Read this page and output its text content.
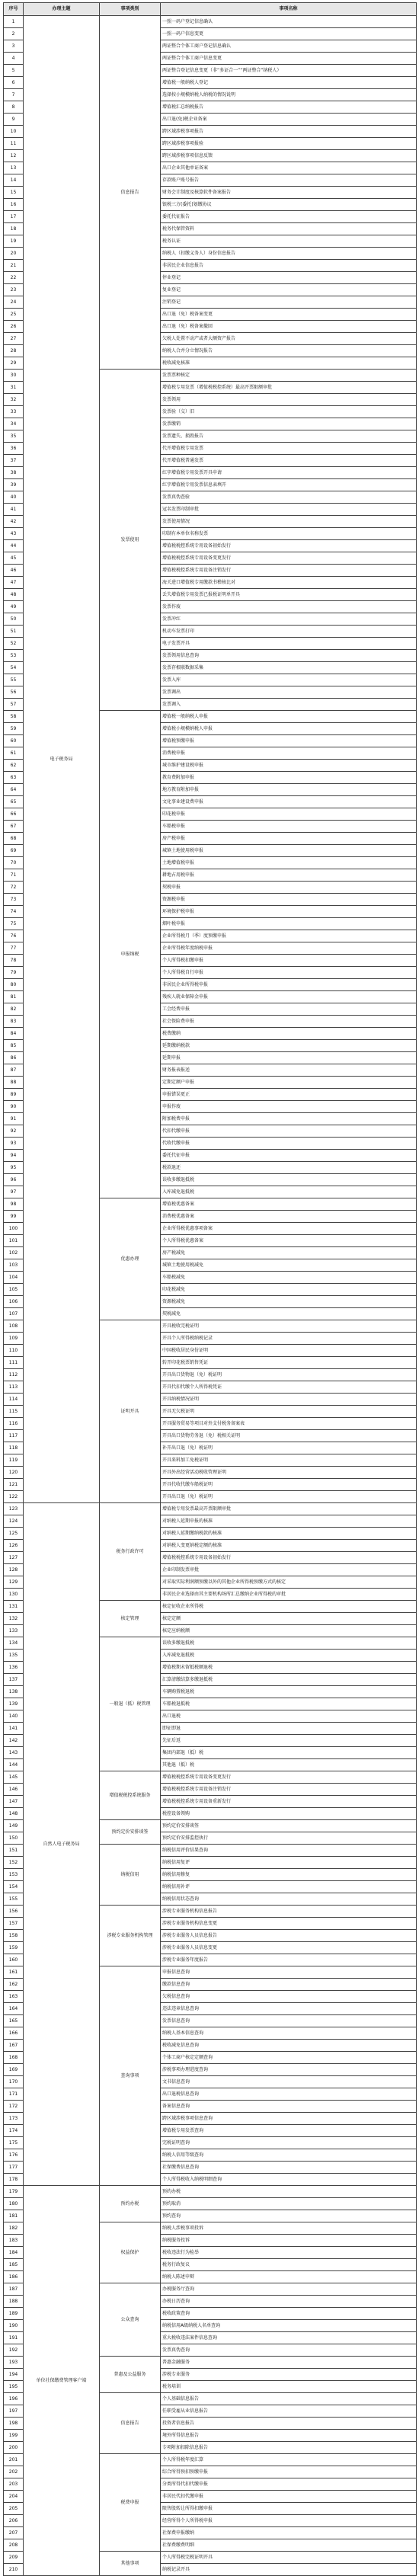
序号	办理主题	事项类别	事项名称
1	电子税务局	信息报告	一照一码户登记信息确认
2			一照一码户信息变更
3			两证整合个体工商户登记信息确认
4			两证整合个体工商户信息变更
5			两证整合登记信息变更（非“多证合一”“两证整合”纳税人）
6			增值税一般纳税人登记
7			选择按小规模纳税人纳税的情况说明
8			增值税汇总纳税报告
9			出口退(免)税企业备案
10			跨区域涉税事项报告
11			跨区域涉税事项报验
12			跨区域涉税事项信息反馈
13			出口企业其他单证备案
14			存款账户账号报告
15			财务会计制度及核算软件备案报告
16			银税三方(委托)划缴协议
17			委托代征报告
18			税务代保管资料
19			税务认证
20			纳税人（扣缴义务人）身份信息报告
21			非居民企业信息报告
22			停业登记
23			复业登记
24			注销登记
25			出口退（免）税备案变更
26			出口退（免）税备案撤回
27			欠税人处置不动产或者大额资产报告
28			纳税人合并分立情况报告
29			税收减免核准
30		发票使用	发票票种核定
31			增值税专用发票（增值税税控系统）最高开票限额审批
32			发票领用
33			发票验（交）旧
34			发票缴销
35			发票遗失、损毁报告
36			代开增值税专用发票
37			代开增值税普通发票
38			红字增值税专用发票开具申请
39			红字增值税专用发票信息表填开
40			发票真伪查验
41			冠名发票印制审批
42			发票使用情况
43			印制有本单位名称发票
44			增值税税控系统专用设备初始发行
45			增值税税控系统专用设备变更发行
46			增值税税控系统专用设备注销发行
47			海关进口增值税专用缴款书稽核比对
48			丢失增值税专用发票已报税证明单开具
49			发票作废
50			发票冲红
51			机动车发票打印
52			电子发票开具
53			发票领用信息查询
54			发票存根联数据采集
55			发票入库
56			发票调出
57			发票调入
58		申报纳税	增值税一般纳税人申报
59			增值税小规模纳税人申报
60			增值税预缴申报
61			消费税申报
62			城市维护建设税申报
63			教育费附加申报
64			地方教育附加申报
65			文化事业建设费申报
66			印花税申报
67			车船税申报
68			房产税申报
69			城镇土地使用税申报
70			土地增值税申报
71			耕地占用税申报
72			契税申报
73			资源税申报
74			环境保护税申报
75			烟叶税申报
76			企业所得税月（季）度预缴申报
77			企业所得税年度纳税申报
78			个人所得税扣缴申报
79			个人所得税自行申报
80			非居民企业所得税申报
81			残疾人就业保障金申报
82			工会经费申报
83			社会保险费申报
84			税费缴纳
85			延期缴纳税款
86			延期申报
87			财务报表报送
88			定期定额户申报
89			申报错误更正
90			申报作废
91			附加税费申报
92			代扣代缴申报
93			代收代缴申报
94			委托代征申报
95			税款退还
96			误收多缴退抵税
97			入库减免退抵税
98		优惠办理	增值税优惠备案
99			消费税优惠备案
100			企业所得税优惠事项备案
101			个人所得税优惠备案
102			房产税减免
103			城镇土地使用税减免
104			车船税减免
105			印花税减免
106			资源税减免
107			契税减免
108		证明开具	开具税收完税证明
109			开具个人所得税纳税记录
110			中国税收居民身份证明
111			转开印花税票销售凭证
112			开具出口货物退（免）税证明
113			开具代扣代缴个人所得税凭证
114			开具纳税情况证明
115			开具无欠税证明
116			开具服务贸易等项目对外支付税务备案表
117			开具出口货物劳务退（免）税相关证明
118			补开出口退（免）税证明
119			开具来料加工免税证明
120			开具外出经营活动税收管理证明
121			开具代收代缴车船税证明
122			开具出口退（免）税证明
123	自然人电子税务局	税务行政许可	增值税专用发票最高开票限额审批
124			对纳税人延期申报的核准
125			对纳税人延期缴纳税款的核准
126			对纳税人变更纳税定额的核准
127			增值税税控系统专用设备初始发行
128			企业印制发票审批
129			对采取实际利润额预缴以外的其他企业所得税预缴方式的核定
130			非居民企业选择由其主要机构场所汇总缴纳企业所得税的审批
131		核定管理	核定征收企业所得税
132			核定定额
133			核定应纳税额
134		一般退（抵）税管理	误收多缴退抵税
135			入库减免退抵税
136			增值税期末留抵税额退税
137			汇算清缴结算多缴退抵税
138			车辆购置税退税
139			车船税退抵税
140			出口退税
141			即征即退
142			先征后返
143			集团内部退（抵）税
144			其他退（抵）税
145		增值税税控系统服务	增值税税控系统专用设备变更发行
146			增值税税控系统专用设备注销发行
147			增值税税控系统专用设备重新发行
148			税控设备领购
149		预约定价安排谈签	预约定价安排谈签
150			预约定价安排监控执行
151		纳税信用	纳税信用评价结果查询
152			纳税信用复评
153			纳税信用修复
154			纳税信用补评
155			纳税信用状态查询
156		涉税专业服务机构管理	涉税专业服务机构信息报告
157			涉税专业服务机构信息变更
158			涉税专业服务人员信息报告
159			涉税专业服务人员信息变更
160			涉税专业服务年度报告
161		查询事项	申报信息查询
162			缴款信息查询
163			欠税信息查询
164			违法违章信息查询
165			发票信息查询
166			纳税人基本信息查询
167			税收减免信息查询
168			个体工商户核定定额查询
169			涉税事项办理进度查询
170			文书信息查询
171			出口退税信息查询
172			备案信息查询
173			跨区域涉税事项信息查询
174			增值税专用发票查询
175			完税证明查询
176			纳税人信用等级查询
177			社保缴费信息查询
178			个人所得税收入纳税明细查询
179	单位社保缴费管理客户端	预约办税	预约办税
180			预约取消
181			预约查询
182		权益保护	纳税人涉税事项投诉
183			纳税服务投诉
184			税收违法行为检举
185			税务行政复议
186			纳税人陈述申辩
187		公众查询	办税服务厅查询
188			办税日历查询
189			税收政策查询
190			纳税信用A级纳税人名单查询
191			重大税收违法案件信息查询
192			发票真伪查询
193		普惠及公益服务	普惠金融服务
194			涉税专业服务
195			税务培训
196		信息报告	个人基础信息报告
197			任职受雇从业信息报告
198			投资者信息报告
199			境外所得信息报告
200			专项附加扣除信息报告
201		税费申报	个人所得税年度汇算
202			综合所得预扣预缴申报
203			分类所得代扣代缴申报
204			非居民代扣代缴申报
205			限售股转让所得扣缴申报
206			经营所得个人所得税申报
207			社保费申报缴纳
208			社保费缴费明细
209		其他事项	个人所得税完税证明开具
210			纳税记录开具
